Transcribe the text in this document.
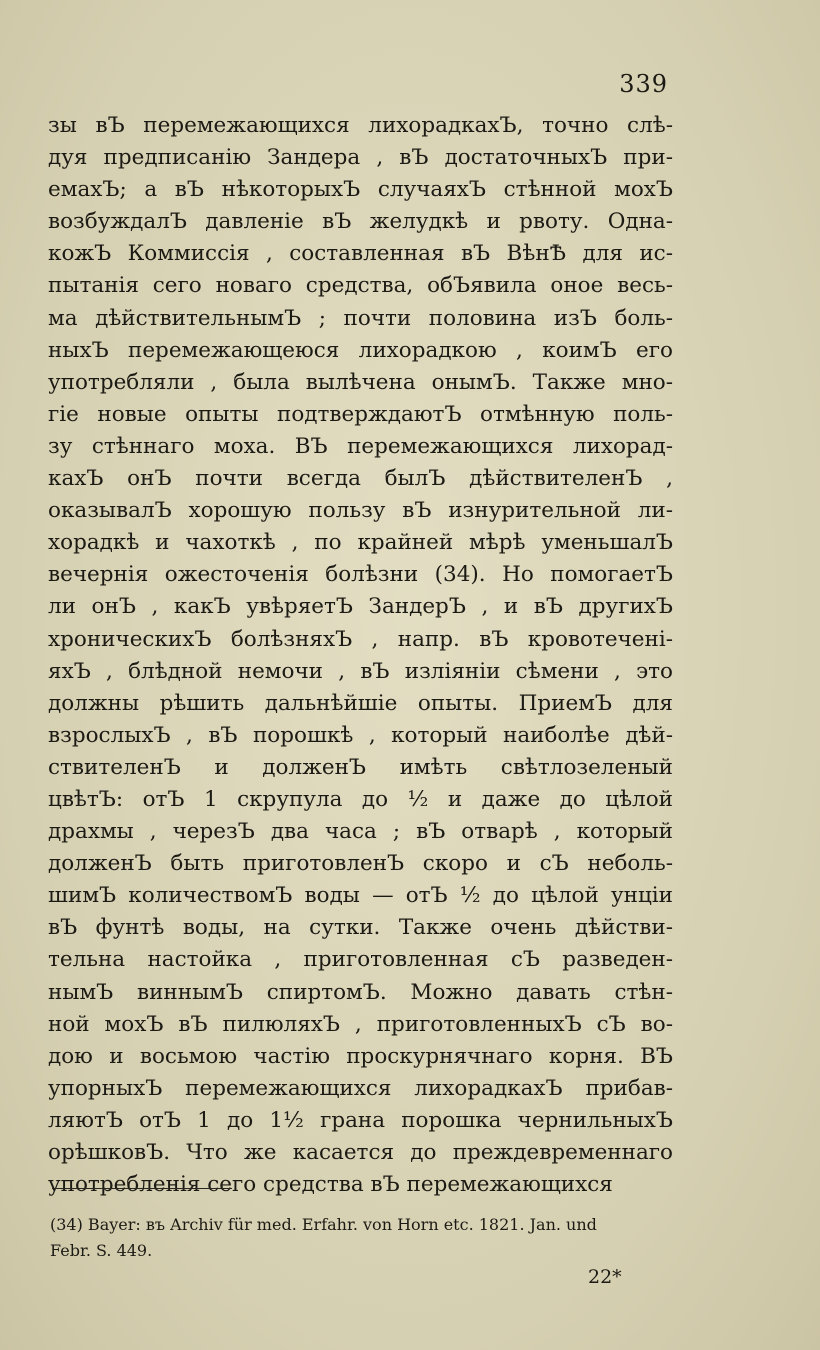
339
зы вЪ перемежающихся лихорадкахЪ, точно слѣ-
дуя предписанію Зандера , вЪ достаточныхЪ при-
емахЪ; а вЪ нѣкоторыхЪ случаяхЪ стѣнной мохЪ
возбуждалЪ давленіе вЪ желудкѣ и рвоту. Одна-
кожЪ Коммиссія , составленная вЪ ВѣнѢ для ис-
пытанія сего новаго средства, обЪявила оное весь-
ма дѣйствительнымЪ ; почти половина изЪ боль-
ныхЪ перемежающеюся лихорадкою , коимЪ его
употребляли , была вылѣчена онымЪ. Также мно-
гіе новые опыты подтверждаютЪ отмѣнную поль-
зу стѣннаго моха. ВЪ перемежающихся лихорад-
кахЪ онЪ почти всегда былЪ дѣйствителенЪ ,
оказывалЪ хорошую пользу вЪ изнурительной ли-
хорадкѣ и чахоткѣ , по крайней мѣрѣ уменьшалЪ
вечернія ожесточенія болѣзни (34). Но помогаетЪ
ли онЪ , какЪ увѣряетЪ ЗандерЪ , и вЪ другихЪ
хроническихЪ болѣзняхЪ , напр. вЪ кровотечені-
яхЪ , блѣдной немочи , вЪ изліяніи сѣмени , это
должны рѣшить дальнѣйшіе опыты. ПриемЪ для
взрослыхЪ , вЪ порошкѣ , который наиболѣе дѣй-
ствителенЪ и долженЪ имѣть свѣтлозеленый
цвѣтЪ: отЪ 1 скрупула до ½ и даже до цѣлой
драхмы , черезЪ два часа ; вЪ отварѣ , который
долженЪ быть приготовленЪ скоро и сЪ неболь-
шимЪ количествомЪ воды — отЪ ½ до цѣлой унціи
вЪ фунтѣ воды, на сутки. Также очень дѣйстви-
тельна настойка , приготовленная сЪ разведен-
нымЪ виннымЪ спиртомЪ. Можно давать стѣн-
ной мохЪ вЪ пилюляхЪ , приготовленныхЪ сЪ во-
дою и восьмою частію проскурнячнаго корня. ВЪ
упорныхЪ перемежающихся лихорадкахЪ прибав-
ляютЪ отЪ 1 до 1½ грана порошка чернильныхЪ
орѣшковЪ. Что же касается до преждевременнаго
употребленія сего средства вЪ перемежающихся
(34) Bayer: въ Archiv für med. Erfahr. von Horn etc. 1821. Jan. und
Febr. S. 449.
22*
